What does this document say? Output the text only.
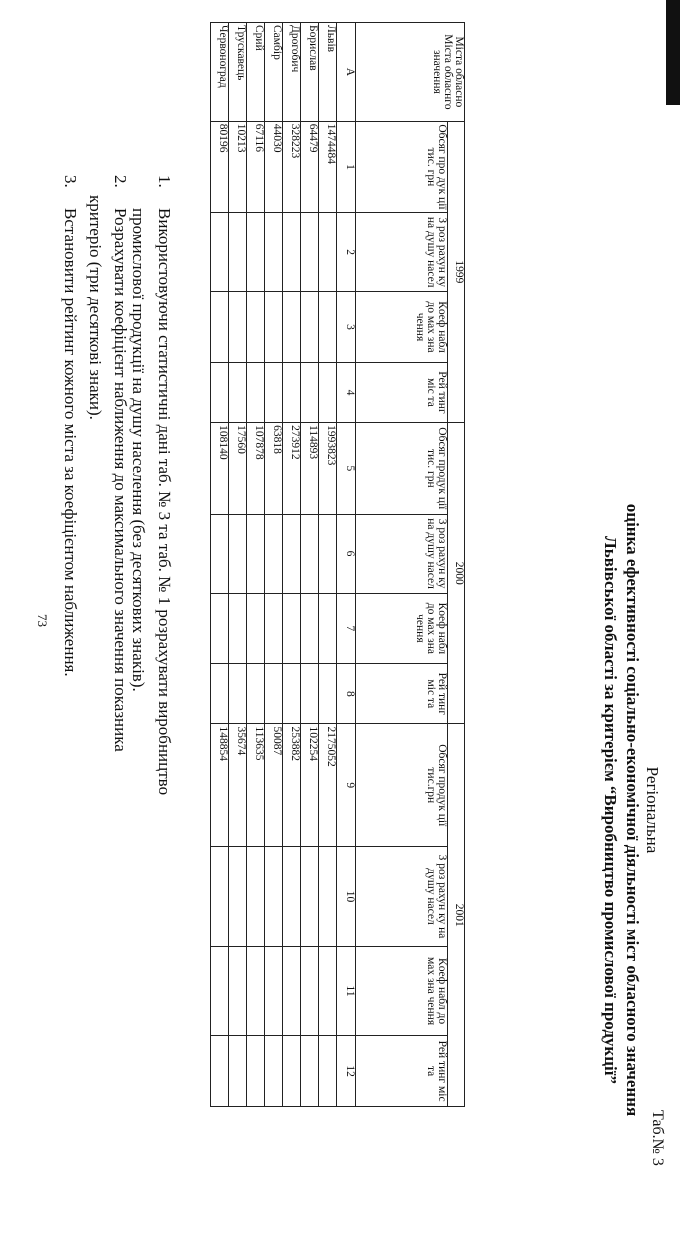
Таб.№ 3
Регіональна
оцінка ефективності соціально-економічної діяльності міст обласного значення
Львівської області за критерієм “Виробництво промислової продукції”
Міста обласно Міста обласнго значення	1999				2000				2001			
	Обсяг про дук ції тис. грн	З роз рахун ку на душу насел	Кoеф набл до мах зна чення	Рей тинг міс та	Обсяг продук ції тис. грн	З роз рахун ку на душу насел	Кoеф набл до мах зна чення	Рей тинг міс та	Обсяг продук ції тис.грн	З роз рахун ку на душу насел	Кoеф набл до мах зна чення	Рей тинг міс та
А	1	2	3	4	5	6	7	8	9	10	11	12
Львів	1474484				1993823				2175052			
Борислав	64479				114893				102254			
Дрогобич	328223				273912				253882			
Самбір	44030				63818				50087			
Срий	67116				107878				113635			
Трускавець	10213				17560				35674			
Червоноград	80196				108140				148854			
1.
Використовуючи статистичні дані таб. № 3 та таб. № 1 розрахувати виробництво
промислової продукції на душу населення (без десяткових знаків).
2.
Розрахувати коефіцієнт наближення до максимального значення показника
критеріо (три десяткові знаки).
3.
Встановити рейтинг кожного міста за коефіцієнтом наближення.
73
